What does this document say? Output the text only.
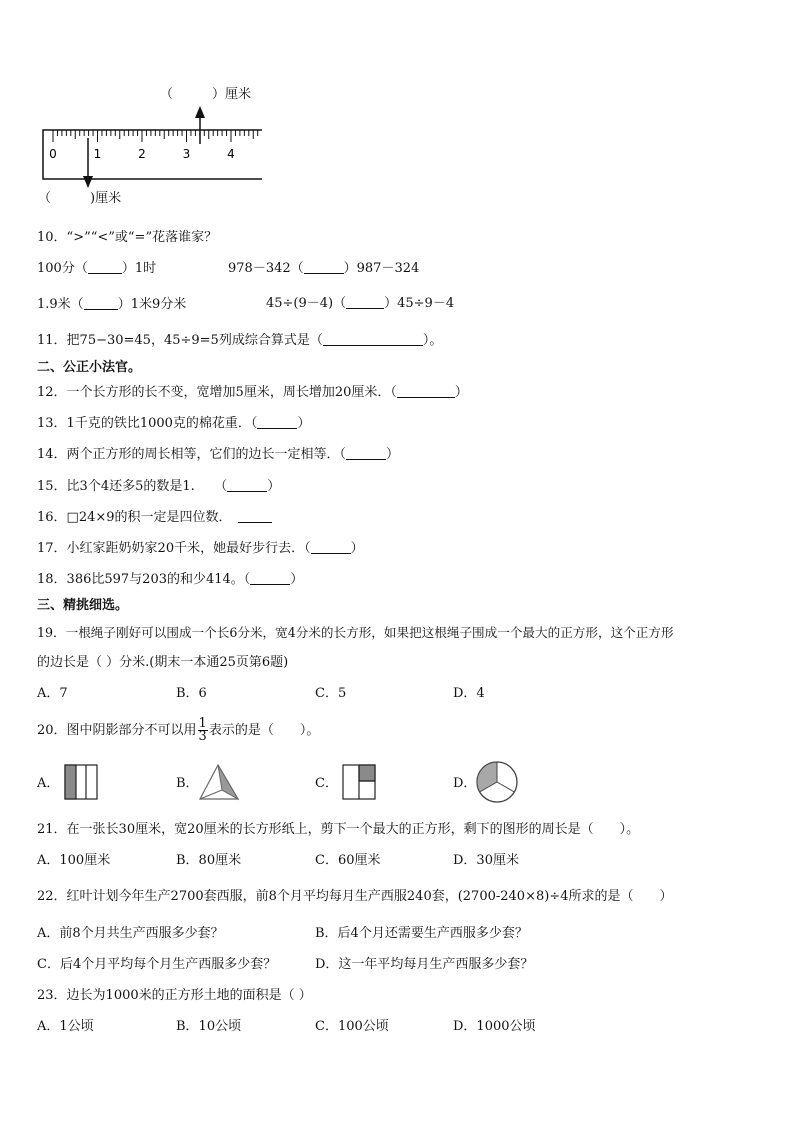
（　　　）厘米
0	1	2	3	4
（　　　)厘米
10．“>”“<”或“=”花落谁家？
100分（	）1时	978－342（	）987－324
1.9米（	）1米9分米	45÷(9－4)（	）45÷9－4
11．把75−30=45，45÷9=5列成综合算式是（	）。
二、公正小法官。
12．一个长方形的长不变，宽增加5厘米，周长增加20厘米．（	）
13．1千克的铁比1000克的棉花重．（	）
14．两个正方形的周长相等，它们的边长一定相等．（	）
15．比3个4还多5的数是1.　　（	）
16．□24×9的积一定是四位数．
17．小红家距奶奶家20千米，她最好步行去．（	）
18．386比597与203的和少414。（	）
三、精挑细选。
19．一根绳子刚好可以围成一个长6分米，宽4分米的长方形，如果把这根绳子围成一个最大的正方形，这个正方形
的边长是（ ）分米.(期末一本通25页第6题)
A．7	B．6	C．5	D．4
20．图中阴影部分不可以用 $\frac{1}{3}$ 表示的是（　　）。
A．	B．	C．	D．
21．在一张长30厘米，宽20厘米的长方形纸上，剪下一个最大的正方形，剩下的图形的周长是（　　）。
A．100厘米	B．80厘米	C．60厘米	D．30厘米
22．红叶计划今年生产2700套西服，前8个月平均每月生产西服240套，(2700-240×8)÷4所求的是（　　）
A．前8个月共生产西服多少套？	B．后4个月还需要生产西服多少套？
C．后4个月平均每个月生产西服多少套？	D．这一年平均每月生产西服多少套？
23．边长为1000米的正方形土地的面积是（ ）
A．1公顷	B．10公顷	C．100公顷	D．1000公顷
